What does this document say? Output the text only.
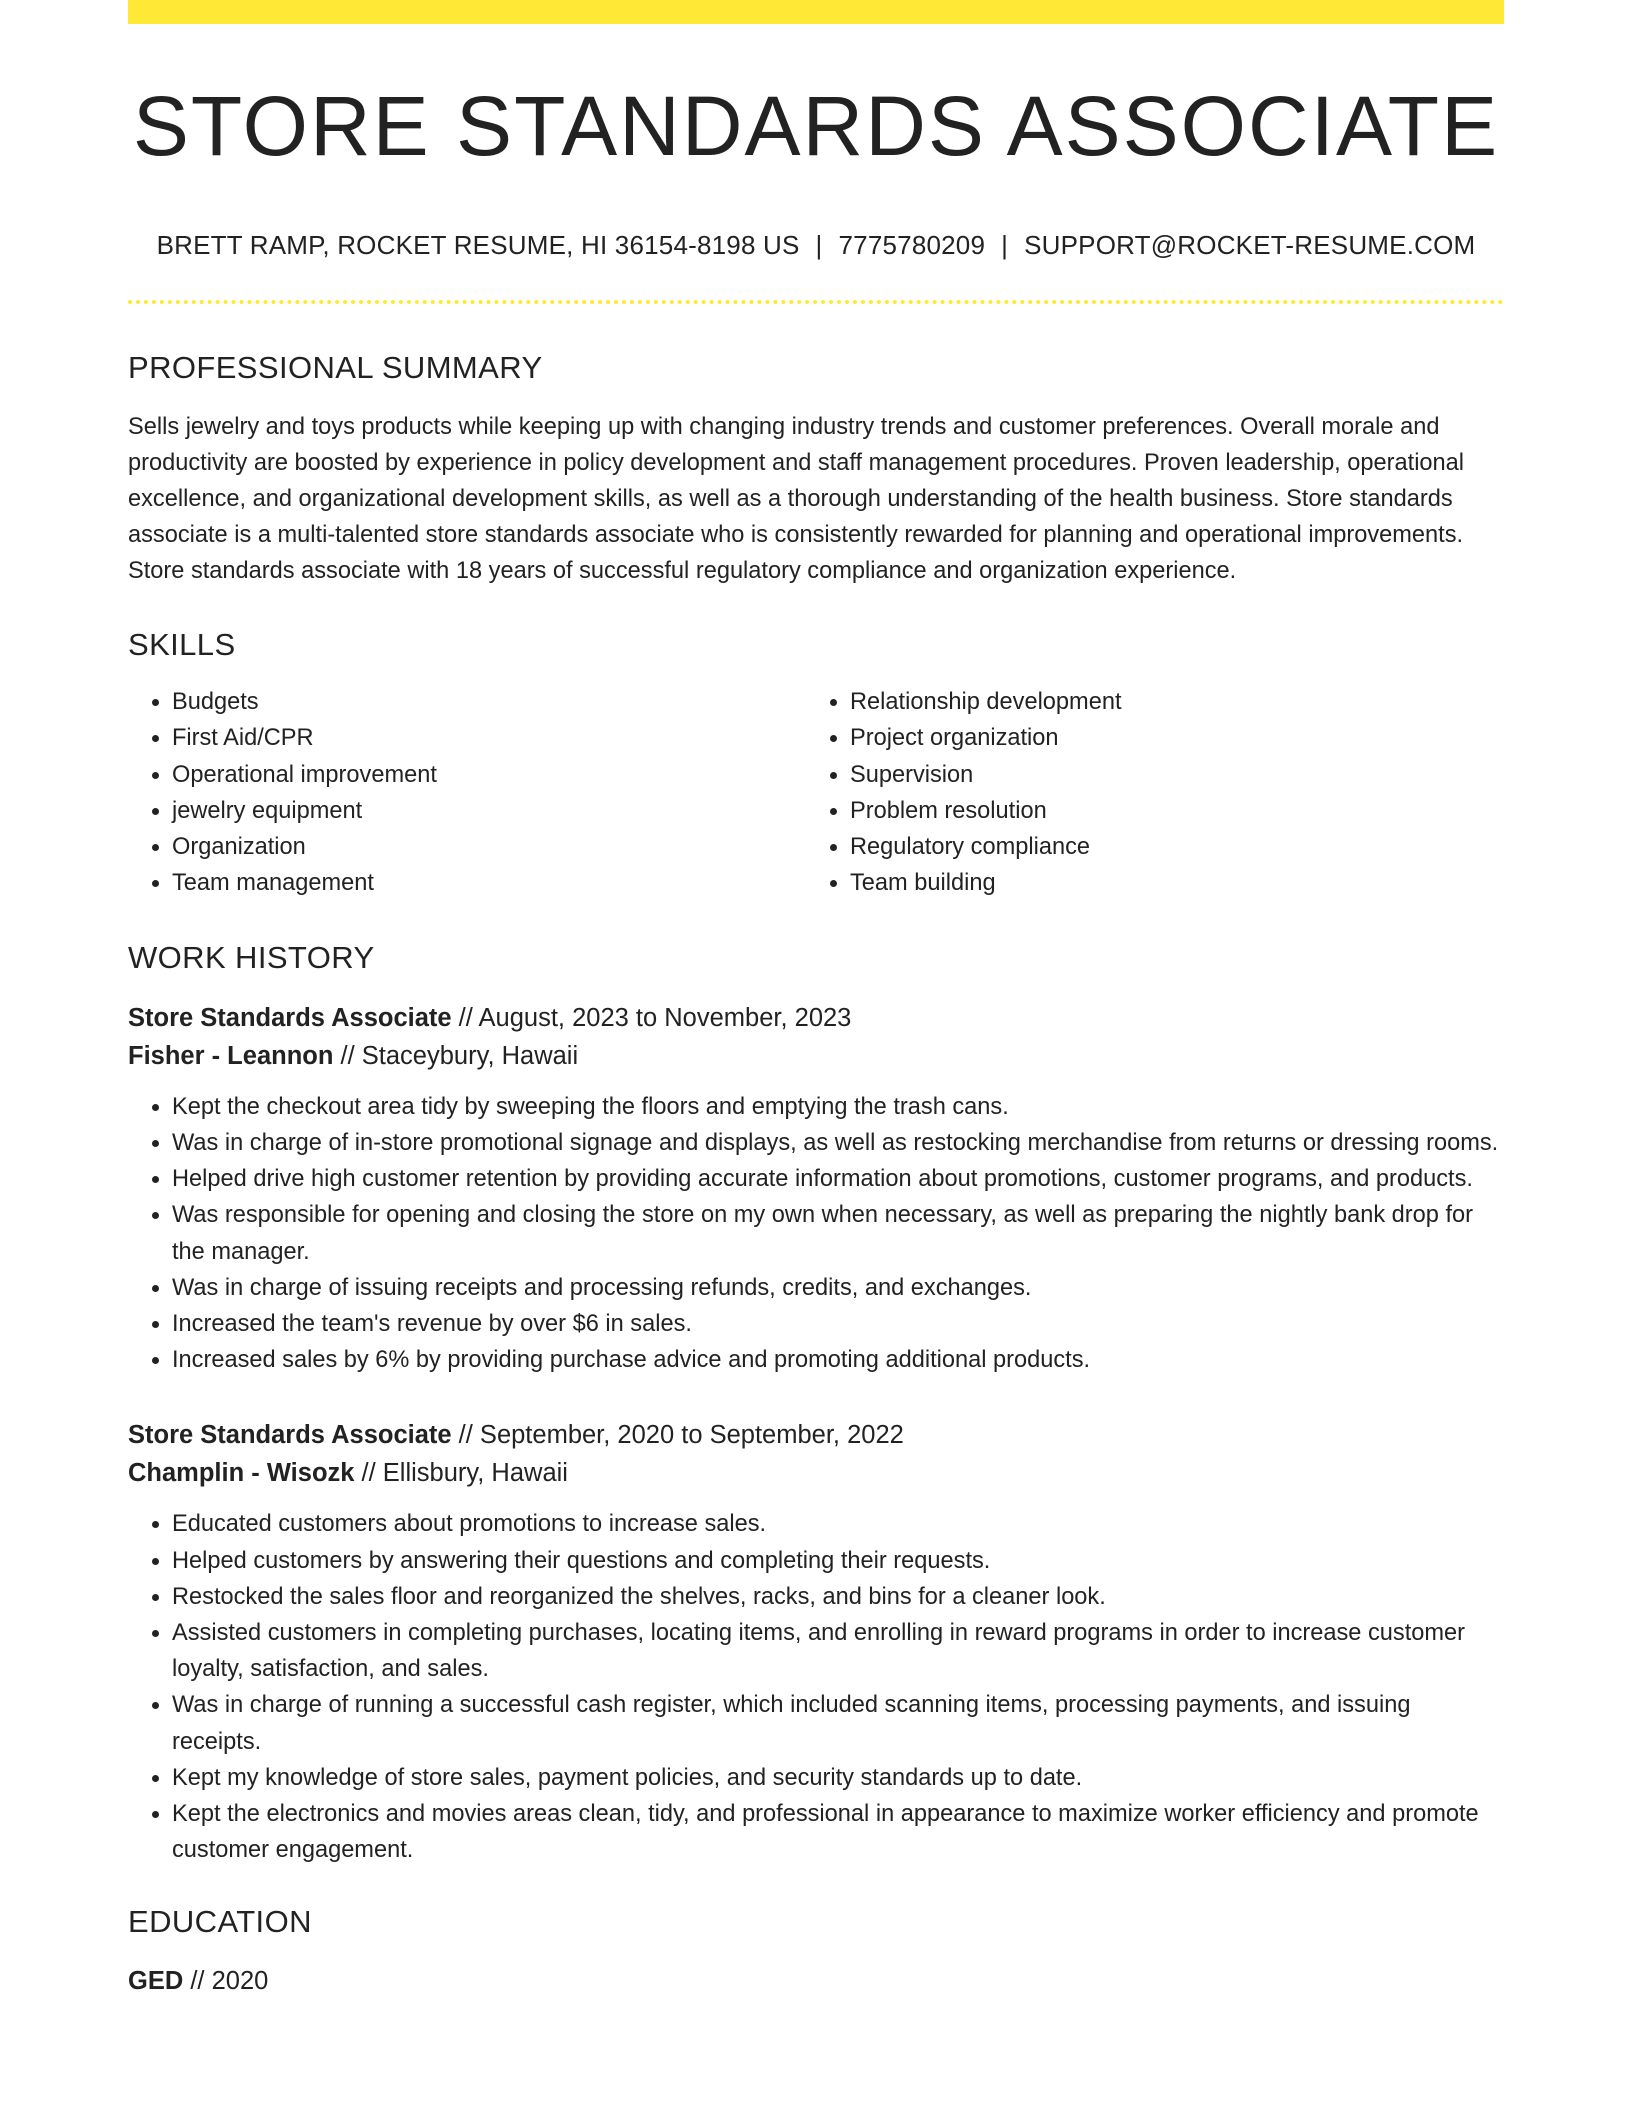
STORE STANDARDS ASSOCIATE
BRETT RAMP, ROCKET RESUME, HI 36154-8198 US | 7775780209 | SUPPORT@ROCKET-RESUME.COM
PROFESSIONAL SUMMARY

Sells jewelry and toys products while keeping up with changing industry trends and customer preferences. Overall morale and productivity are boosted by experience in policy development and staff management procedures. Proven leadership, operational excellence, and organizational development skills, as well as a thorough understanding of the health business. Store standards associate is a multi-talented store standards associate who is consistently rewarded for planning and operational improvements. Store standards associate with 18 years of successful regulatory compliance and organization experience.

SKILLS
• Budgets
• First Aid/CPR
• Operational improvement
• jewelry equipment
• Organization
• Team management
• Relationship development
• Project organization
• Supervision
• Problem resolution
• Regulatory compliance
• Team building
WORK HISTORY
Store Standards Associate // August, 2023 to November, 2023
Fisher - Leannon // Staceybury, Hawaii
• Kept the checkout area tidy by sweeping the floors and emptying the trash cans.
• Was in charge of in-store promotional signage and displays, as well as restocking merchandise from returns or dressing rooms.
• Helped drive high customer retention by providing accurate information about promotions, customer programs, and products.
• Was responsible for opening and closing the store on my own when necessary, as well as preparing the nightly bank drop for the manager.
• Was in charge of issuing receipts and processing refunds, credits, and exchanges.
• Increased the team's revenue by over $6 in sales.
• Increased sales by 6% by providing purchase advice and promoting additional products.
Store Standards Associate // September, 2020 to September, 2022
Champlin - Wisozk // Ellisbury, Hawaii
• Educated customers about promotions to increase sales.
• Helped customers by answering their questions and completing their requests.
• Restocked the sales floor and reorganized the shelves, racks, and bins for a cleaner look.
• Assisted customers in completing purchases, locating items, and enrolling in reward programs in order to increase customer loyalty, satisfaction, and sales.
• Was in charge of running a successful cash register, which included scanning items, processing payments, and issuing receipts.
• Kept my knowledge of store sales, payment policies, and security standards up to date.
• Kept the electronics and movies areas clean, tidy, and professional in appearance to maximize worker efficiency and promote customer engagement.
EDUCATION
GED // 2020
